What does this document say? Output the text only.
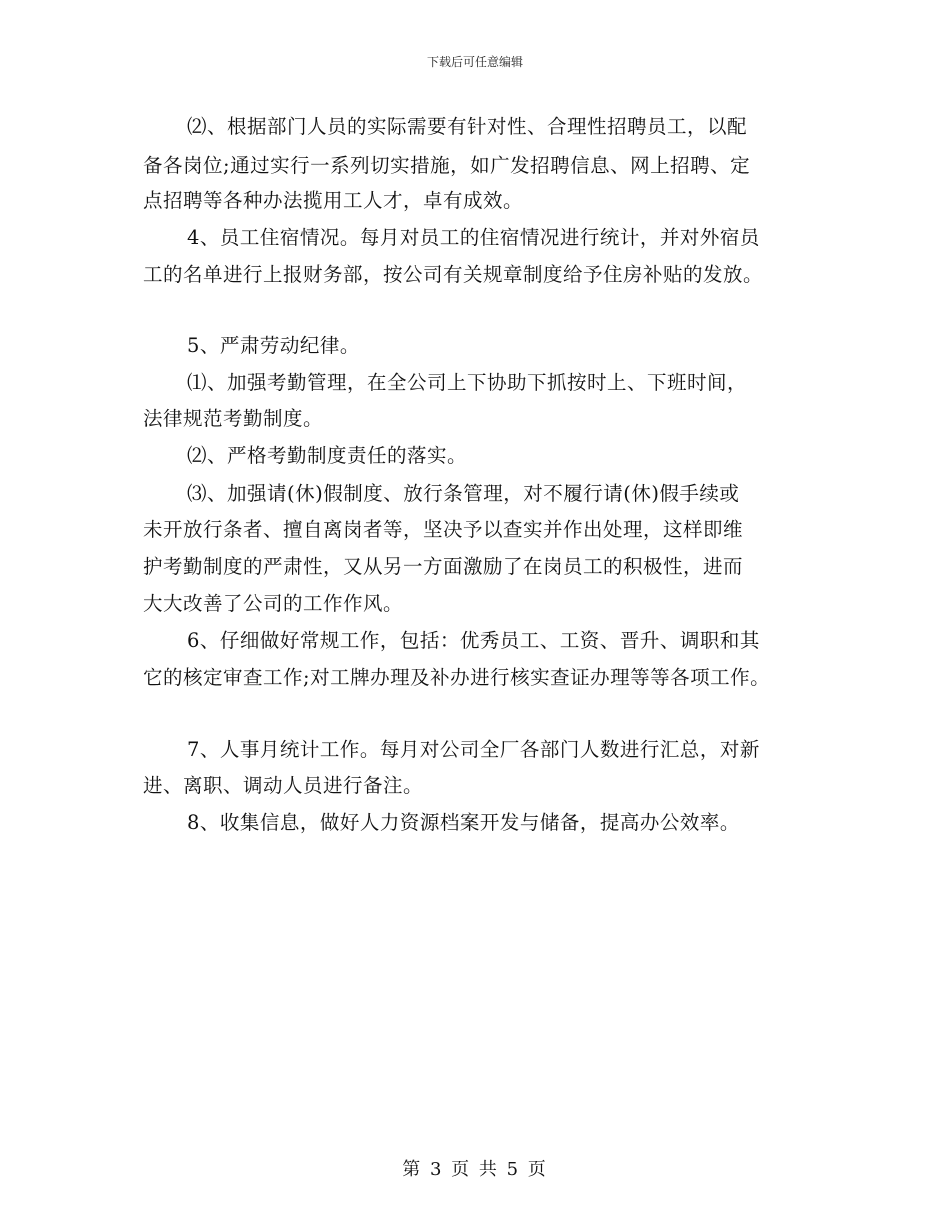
下载后可任意编辑
⑵、根据部门人员的实际需要有针对性、合理性招聘员工，以配
备各岗位;通过实行一系列切实措施，如广发招聘信息、网上招聘、定
点招聘等各种办法揽用工人才，卓有成效。
4、员工住宿情况。每月对员工的住宿情况进行统计，并对外宿员
工的名单进行上报财务部，按公司有关规章制度给予住房补贴的发放。
5、严肃劳动纪律。
⑴、加强考勤管理，在全公司上下协助下抓按时上、下班时间，
法律规范考勤制度。
⑵、严格考勤制度责任的落实。
⑶、加强请(休)假制度、放行条管理，对不履行请(休)假手续或
未开放行条者、擅自离岗者等，坚决予以查实并作出处理，这样即维
护考勤制度的严肃性，又从另一方面激励了在岗员工的积极性，进而
大大改善了公司的工作作风。
6、仔细做好常规工作，包括：优秀员工、工资、晋升、调职和其
它的核定审查工作;对工牌办理及补办进行核实查证办理等等各项工作。
7、人事月统计工作。每月对公司全厂各部门人数进行汇总，对新
进、离职、调动人员进行备注。
8、收集信息，做好人力资源档案开发与储备，提高办公效率。
第 3 页 共 5 页
